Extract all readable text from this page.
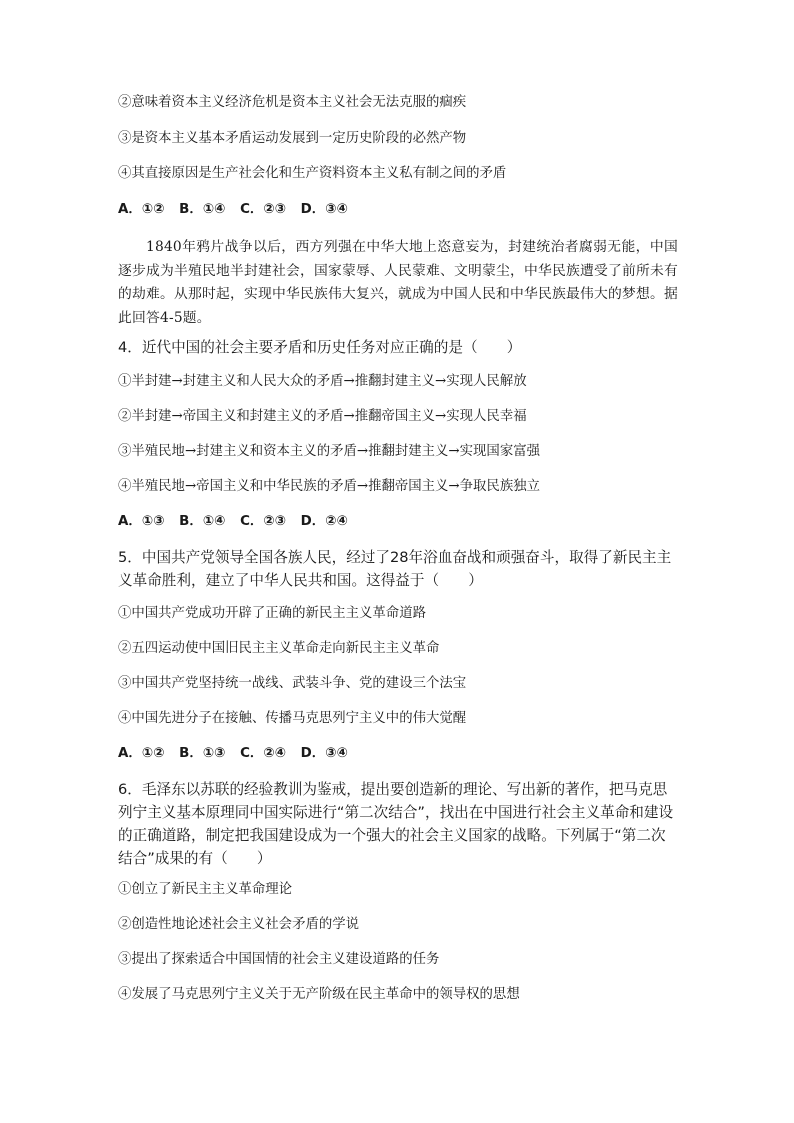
②意味着资本主义经济危机是资本主义社会无法克服的痼疾
③是资本主义基本矛盾运动发展到一定历史阶段的必然产物
④其直接原因是生产社会化和生产资料资本主义私有制之间的矛盾
A．①② B．①④ C．②③ D．③④
1840年鸦片战争以后，西方列强在中华大地上恣意妄为，封建统治者腐弱无能，中国逐步成为半殖民地半封建社会，国家蒙辱、人民蒙难、文明蒙尘，中华民族遭受了前所未有的劫难。从那时起，实现中华民族伟大复兴，就成为中国人民和中华民族最伟大的梦想。据此回答4-5题。
4．近代中国的社会主要矛盾和历史任务对应正确的是（　　）
①半封建→封建主义和人民大众的矛盾→推翻封建主义→实现人民解放
②半封建→帝国主义和封建主义的矛盾→推翻帝国主义→实现人民幸福
③半殖民地→封建主义和资本主义的矛盾→推翻封建主义→实现国家富强
④半殖民地→帝国主义和中华民族的矛盾→推翻帝国主义→争取民族独立
A．①③ B．①④ C．②③ D．②④
5．中国共产党领导全国各族人民，经过了28年浴血奋战和顽强奋斗，取得了新民主主义革命胜利，建立了中华人民共和国。这得益于（　　）
①中国共产党成功开辟了正确的新民主主义革命道路
②五四运动使中国旧民主主义革命走向新民主主义革命
③中国共产党坚持统一战线、武装斗争、党的建设三个法宝
④中国先进分子在接触、传播马克思列宁主义中的伟大觉醒
A．①② B．①③ C．②④ D．③④
6．毛泽东以苏联的经验教训为鉴戒，提出要创造新的理论、写出新的著作，把马克思列宁主义基本原理同中国实际进行“第二次结合”，找出在中国进行社会主义革命和建设的正确道路，制定把我国建设成为一个强大的社会主义国家的战略。下列属于“第二次结合”成果的有（　　）
①创立了新民主主义革命理论
②创造性地论述社会主义社会矛盾的学说
③提出了探索适合中国国情的社会主义建设道路的任务
④发展了马克思列宁主义关于无产阶级在民主革命中的领导权的思想
